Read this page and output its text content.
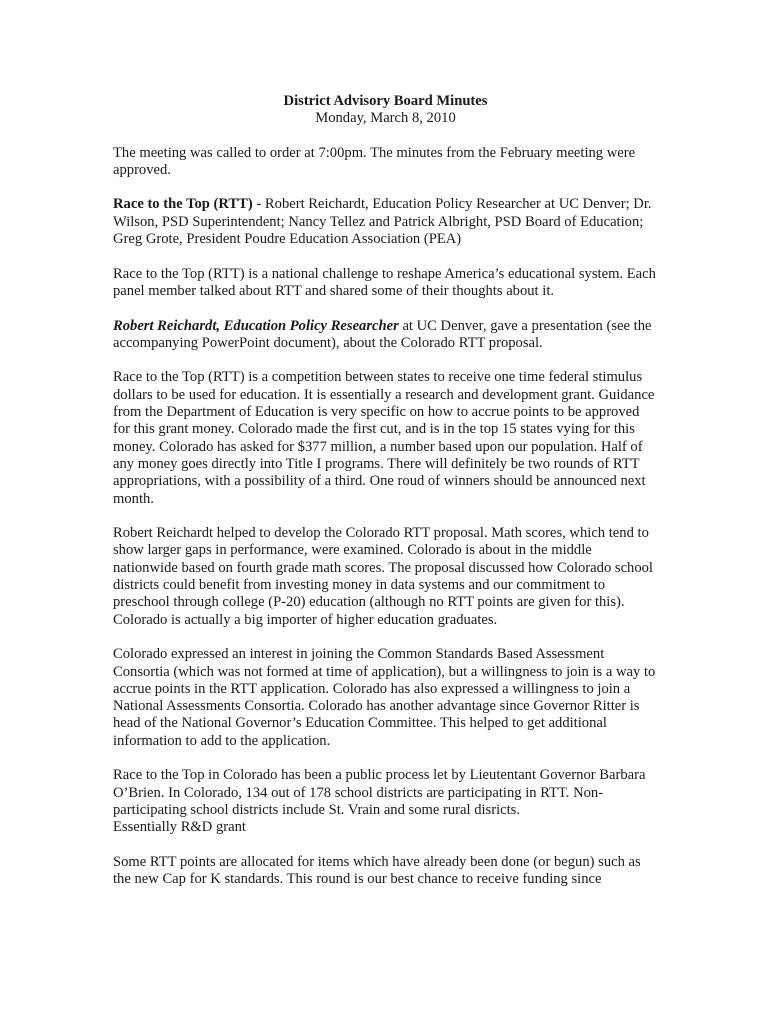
District Advisory Board Minutes
Monday, March 8, 2010

The meeting was called to order at 7:00pm. The minutes from the February meeting were approved.

Race to the Top (RTT) - Robert Reichardt, Education Policy Researcher at UC Denver; Dr. Wilson, PSD Superintendent; Nancy Tellez and Patrick Albright, PSD Board of Education; Greg Grote, President Poudre Education Association (PEA)

Race to the Top (RTT) is a national challenge to reshape America’s educational system. Each panel member talked about RTT and shared some of their thoughts about it.

Robert Reichardt, Education Policy Researcher at UC Denver, gave a presentation (see the accompanying PowerPoint document), about the Colorado RTT proposal.

Race to the Top (RTT) is a competition between states to receive one time federal stimulus dollars to be used for education. It is essentially a research and development grant. Guidance from the Department of Education is very specific on how to accrue points to be approved for this grant money. Colorado made the first cut, and is in the top 15 states vying for this money. Colorado has asked for $377 million, a number based upon our population. Half of any money goes directly into Title I programs. There will definitely be two rounds of RTT appropriations, with a possibility of a third. One roud of winners should be announced next month.

Robert Reichardt helped to develop the Colorado RTT proposal. Math scores, which tend to show larger gaps in performance, were examined. Colorado is about in the middle nationwide based on fourth grade math scores. The proposal discussed how Colorado school districts could benefit from investing money in data systems and our commitment to preschool through college (P-20) education (although no RTT points are given for this). Colorado is actually a big importer of higher education graduates.

Colorado expressed an interest in joining the Common Standards Based Assessment Consortia (which was not formed at time of application), but a willingness to join is a way to accrue points in the RTT application. Colorado has also expressed a willingness to join a National Assessments Consortia. Colorado has another advantage since Governor Ritter is head of the National Governor’s Education Committee. This helped to get additional information to add to the application.

Race to the Top in Colorado has been a public process let by Lieutentant Governor Barbara O’Brien. In Colorado, 134 out of 178 school districts are participating in RTT. Non-participating school districts include St. Vrain and some rural disricts.
Essentially R&D grant

Some RTT points are allocated for items which have already been done (or begun) such as the new Cap for K standards. This round is our best chance to receive funding since
